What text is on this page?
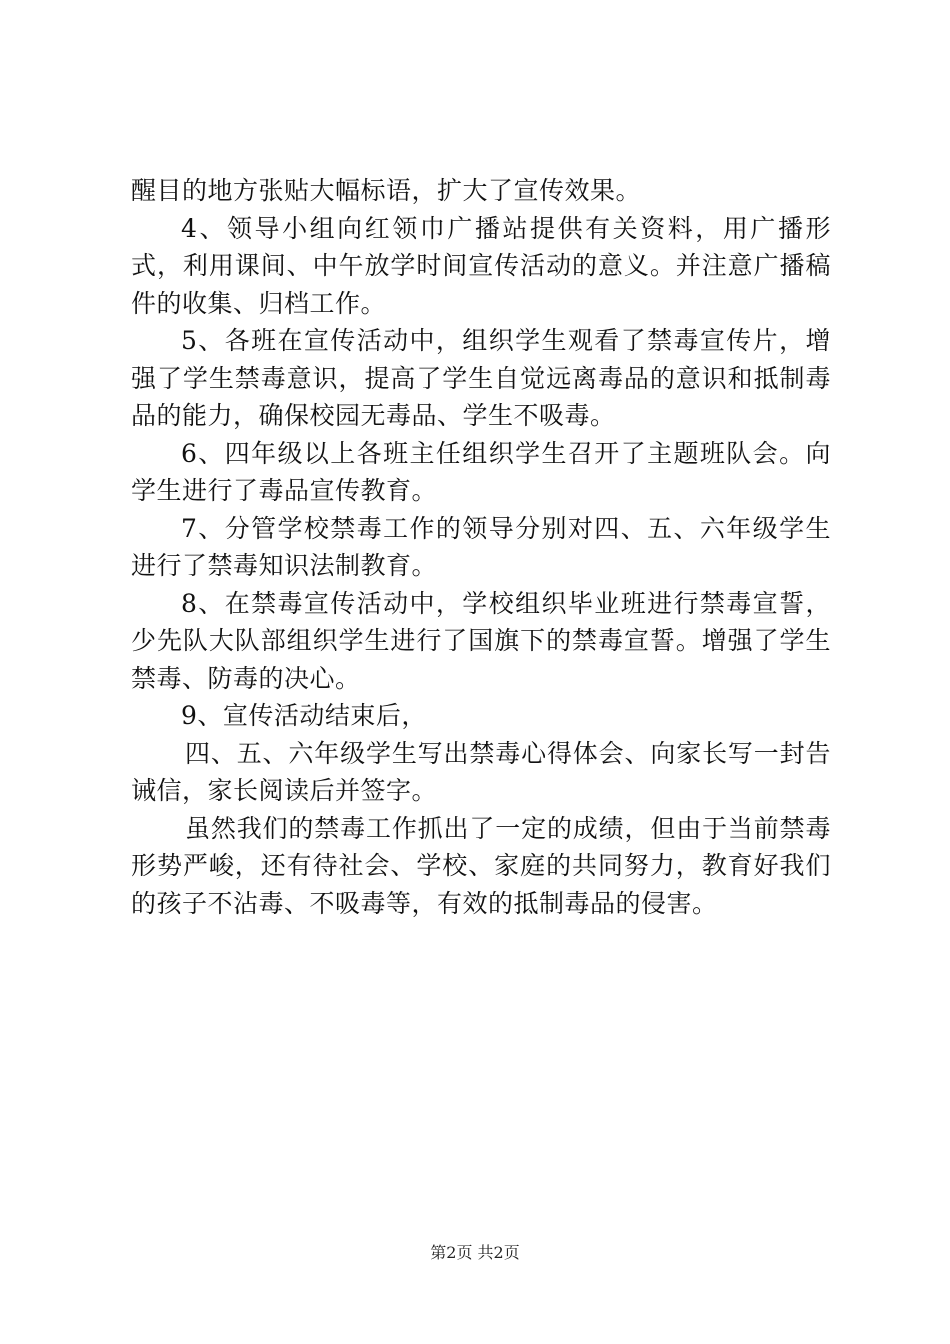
醒目的地方张贴大幅标语，扩大了宣传效果。

4、领导小组向红领巾广播站提供有关资料，用广播形式，利用课间、中午放学时间宣传活动的意义。并注意广播稿件的收集、归档工作。

5、各班在宣传活动中，组织学生观看了禁毒宣传片，增强了学生禁毒意识，提高了学生自觉远离毒品的意识和抵制毒品的能力，确保校园无毒品、学生不吸毒。

6、四年级以上各班主任组织学生召开了主题班队会。向学生进行了毒品宣传教育。

7、分管学校禁毒工作的领导分别对四、五、六年级学生进行了禁毒知识法制教育。

8、在禁毒宣传活动中，学校组织毕业班进行禁毒宣誓，少先队大队部组织学生进行了国旗下的禁毒宣誓。增强了学生禁毒、防毒的决心。

9、宣传活动结束后，

四、五、六年级学生写出禁毒心得体会、向家长写一封告诫信，家长阅读后并签字。

虽然我们的禁毒工作抓出了一定的成绩，但由于当前禁毒形势严峻，还有待社会、学校、家庭的共同努力，教育好我们的孩子不沾毒、不吸毒等，有效的抵制毒品的侵害。

第2页 共2页
